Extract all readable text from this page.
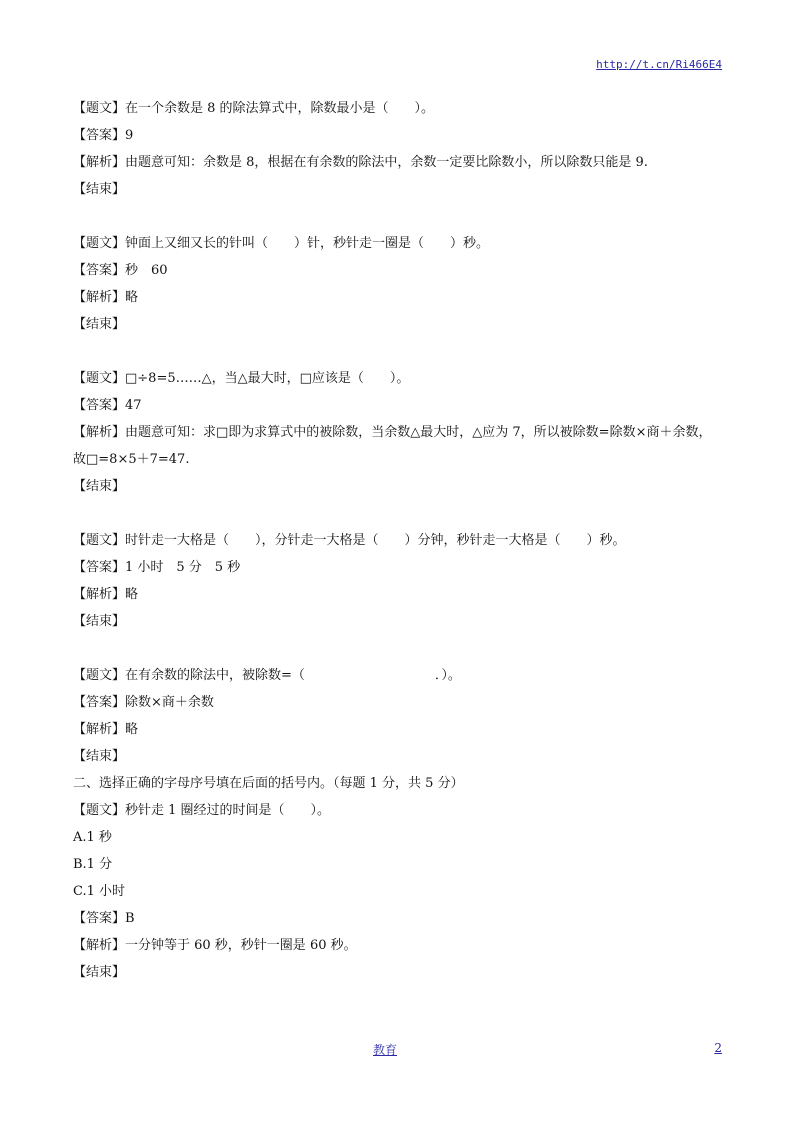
http://t.cn/Ri466E4
【题文】在一个余数是 8 的除法算式中，除数最小是（　　）。
【答案】9
【解析】由题意可知：余数是 8，根据在有余数的除法中，余数一定要比除数小，所以除数只能是 9.
【结束】
【题文】钟面上又细又长的针叫（　　）针，秒针走一圈是（　　）秒。
【答案】秒　60
【解析】略
【结束】
【题文】□÷8=5……△，当△最大时，□应该是（　　）。
【答案】47
【解析】由题意可知：求□即为求算式中的被除数，当余数△最大时，△应为 7，所以被除数=除数×商＋余数，故□=8×5＋7=47.
【结束】
【题文】时针走一大格是（　　），分针走一大格是（　　）分钟，秒针走一大格是（　　）秒。
【答案】1 小时　5 分　5 秒
【解析】略
【结束】
【题文】在有余数的除法中，被除数=（　　　　　　　　　　．）。
【答案】除数×商＋余数
【解析】略
【结束】
二、选择正确的字母序号填在后面的括号内。（每题 1 分，共 5 分）
【题文】秒针走 1 圈经过的时间是（　　）。
A.1 秒
B.1 分
C.1 小时
【答案】B
【解析】一分钟等于 60 秒，秒针一圈是 60 秒。
【结束】
教育	2
